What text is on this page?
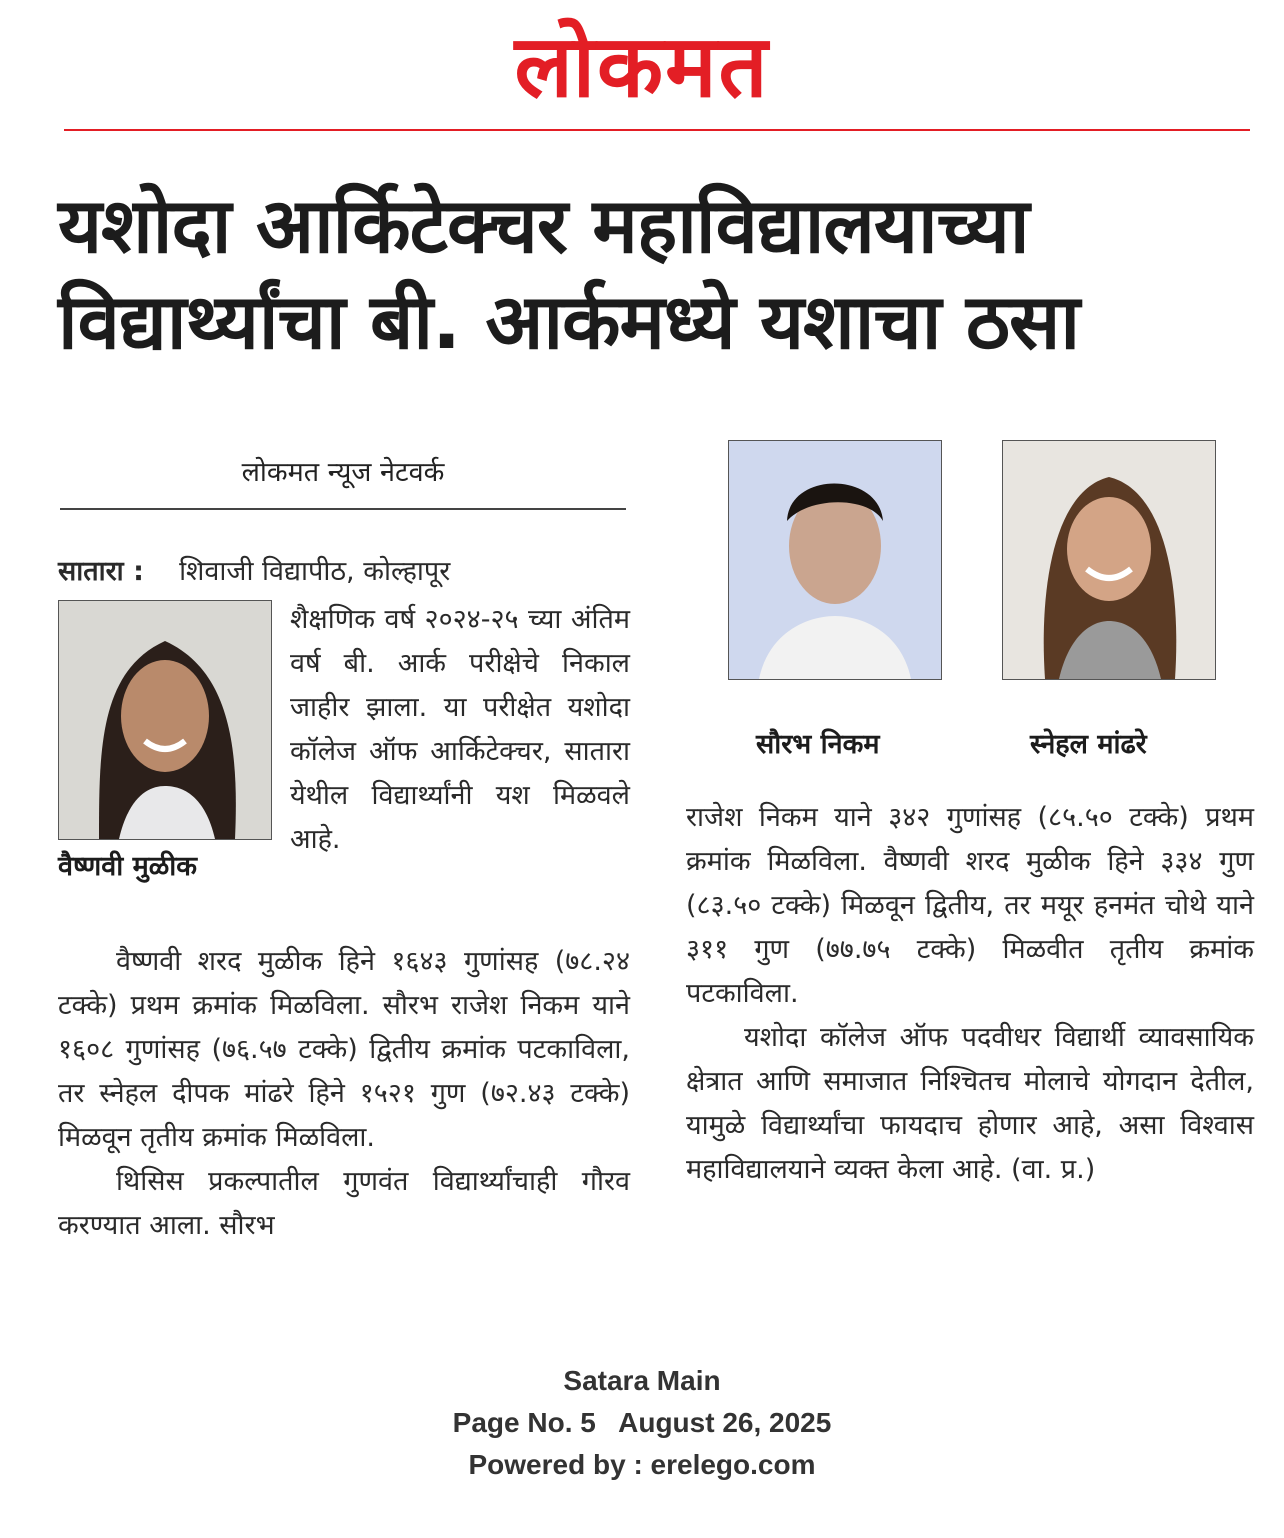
लोकमत
यशोदा आर्किटेक्चर महाविद्यालयाच्या
विद्यार्थ्यांचा बी. आर्कमध्ये यशाचा ठसा
लोकमत न्यूज नेटवर्क

सातारा : शिवाजी विद्यापीठ, कोल्हापूर

वैष्णवी मुळीक

शैक्षणिक वर्ष २०२४-२५ च्या अंतिम वर्ष बी. आर्क परीक्षेचे निकाल जाहीर झाला. या परीक्षेत यशोदा कॉलेज ऑफ आर्किटेक्चर, सातारा येथील विद्यार्थ्यांनी यश मिळवले आहे.

वैष्णवी शरद मुळीक हिने १६४३ गुणांसह (७८.२४ टक्के) प्रथम क्रमांक मिळविला. सौरभ राजेश निकम याने १६०८ गुणांसह (७६.५७ टक्के) द्वितीय क्रमांक पटकाविला, तर स्नेहल दीपक मांढरे हिने १५२१ गुण (७२.४३ टक्के) मिळवून तृतीय क्रमांक मिळविला.

थिसिस प्रकल्पातील गुणवंत विद्यार्थ्यांचाही गौरव करण्यात आला. सौरभ

सौरभ निकम	स्नेहल मांढरे

राजेश निकम याने ३४२ गुणांसह (८५.५० टक्के) प्रथम क्रमांक मिळविला. वैष्णवी शरद मुळीक हिने ३३४ गुण (८३.५० टक्के) मिळवून द्वितीय, तर मयूर हनमंत चोथे याने ३११ गुण (७७.७५ टक्के) मिळवीत तृतीय क्रमांक पटकाविला.

यशोदा कॉलेज ऑफ पदवीधर विद्यार्थी व्यावसायिक क्षेत्रात आणि समाजात निश्चितच मोलाचे योगदान देतील, यामुळे विद्यार्थ्यांचा फायदाच होणार आहे, असा विश्वास महाविद्यालयाने व्यक्त केला आहे. (वा. प्र.)

Satara Main
Page No. 5   August 26, 2025
Powered by : erelego.com
